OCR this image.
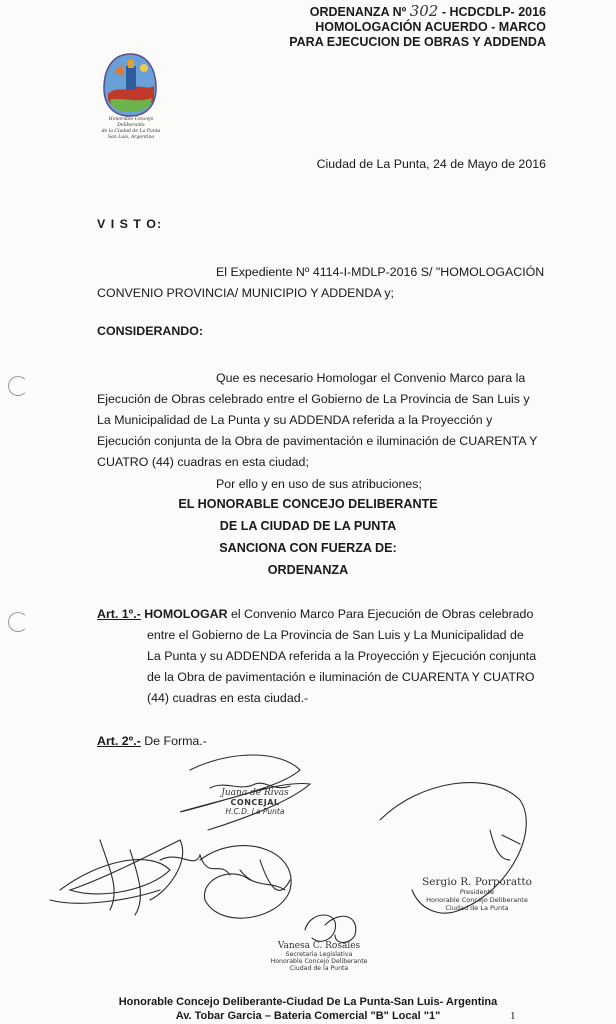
ORDENANZA Nº 302 - HCDCDLP- 2016
HOMOLOGACIÓN ACUERDO - MARCO
PARA EJECUCION DE OBRAS Y ADDENDA
Honorable Concejo Deliberante
de la Ciudad de La Punta
San Luis, Argentina
Ciudad de La Punta, 24 de Mayo de 2016
V I S T O:
El Expediente Nº 4114-I-MDLP-2016 S/ "HOMOLOGACIÓN
CONVENIO PROVINCIA/ MUNICIPIO Y ADDENDA y;
CONSIDERANDO:
Que es necesario Homologar el Convenio Marco para la
Ejecución de Obras celebrado entre el Gobierno de La Provincia de San Luis y
La Municipalidad de La Punta y su ADDENDA referida a la Proyección y
Ejecución conjunta de la Obra de pavimentación e iluminación de CUARENTA Y
CUATRO (44) cuadras en esta ciudad;
Por ello y en uso de sus atribuciones;
EL HONORABLE CONCEJO DELIBERANTE
DE LA CIUDAD DE LA PUNTA
SANCIONA CON FUERZA DE:
ORDENANZA
Art. 1º.- HOMOLOGAR el Convenio Marco Para Ejecución de Obras celebrado
entre el Gobierno de La Provincia de San Luis y La Municipalidad de
La Punta y su ADDENDA referida a la Proyección y Ejecución conjunta
de la Obra de pavimentación e iluminación de CUARENTA Y CUATRO
(44) cuadras en esta ciudad.-
Art. 2º.- De Forma.-
Juana de Rivas
CONCEJAL
H.C.D. La Punta
Sergio R. Porporatto
Presidente
Honorable Concejo Deliberante
Ciudad de La Punta
Vanesa C. Rosales
Secretaria Legislativa
Honorable Concejo Deliberante
Ciudad de la Punta
Honorable Concejo Deliberante-Ciudad De La Punta-San Luis- Argentina
Av. Tobar Garcia – Bateria Comercial "B" Local "1"	1
